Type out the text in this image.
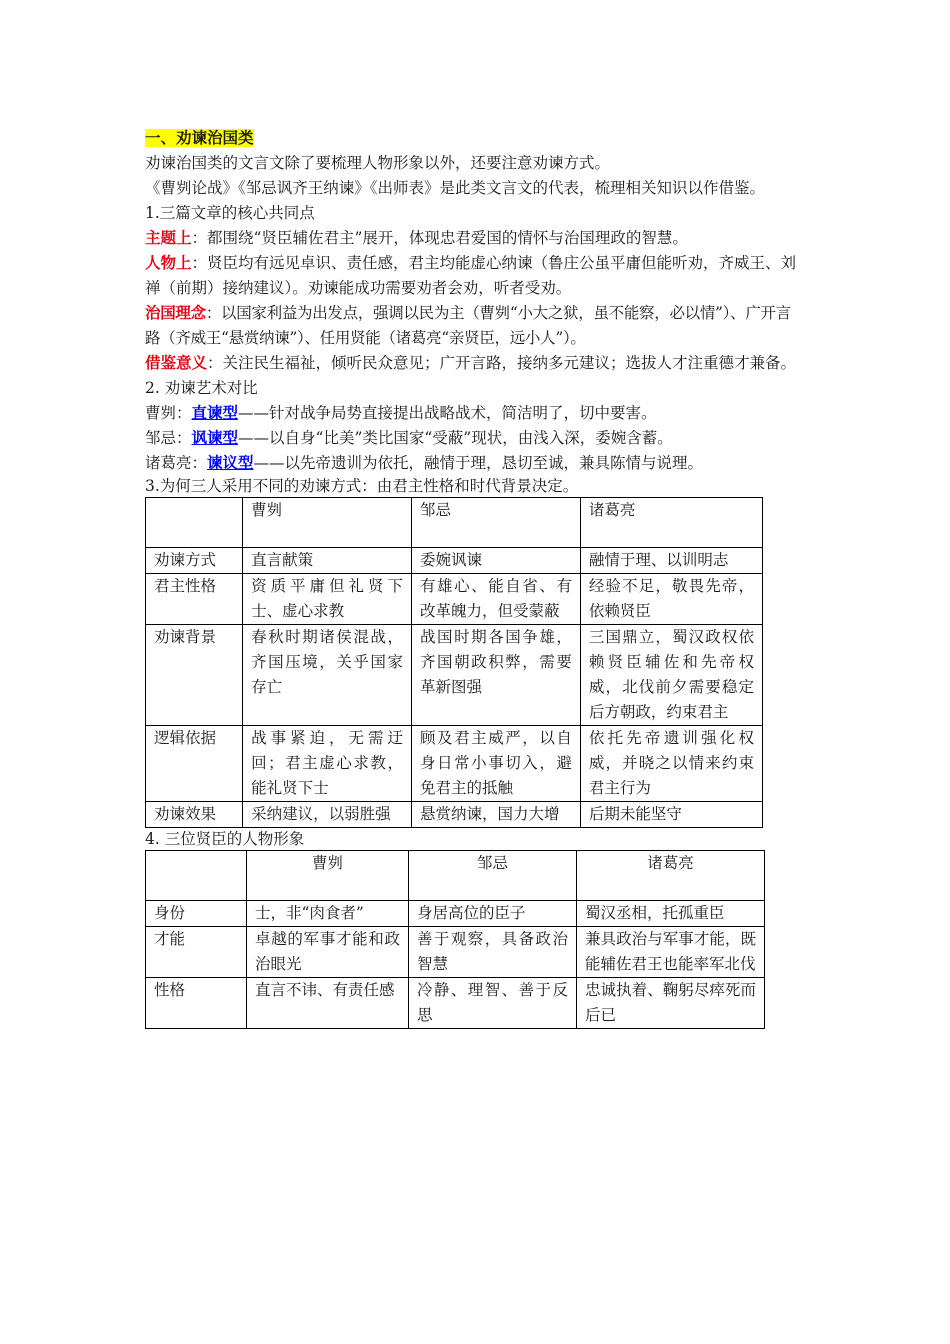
一、劝谏治国类
劝谏治国类的文言文除了要梳理人物形象以外，还要注意劝谏方式。
《曹刿论战》《邹忌讽齐王纳谏》《出师表》是此类文言文的代表，梳理相关知识以作借鉴。
1.三篇文章的核心共同点
主题上：都围绕“贤臣辅佐君主”展开，体现忠君爱国的情怀与治国理政的智慧。
人物上：贤臣均有远见卓识、责任感，君主均能虚心纳谏（鲁庄公虽平庸但能听劝，齐威王、刘禅（前期）接纳建议）。劝谏能成功需要劝者会劝，听者受劝。
治国理念：以国家利益为出发点，强调以民为主（曹刿“小大之狱，虽不能察，必以情”）、广开言路（齐威王“悬赏纳谏”）、任用贤能（诸葛亮“亲贤臣，远小人”）。
借鉴意义：关注民生福祉，倾听民众意见；广开言路，接纳多元建议；选拔人才注重德才兼备。
2. 劝谏艺术对比
曹刿：直谏型——针对战争局势直接提出战略战术，简洁明了，切中要害。
邹忌：讽谏型——以自身“比美”类比国家“受蔽”现状，由浅入深，委婉含蓄。
诸葛亮：谏议型——以先帝遗训为依托，融情于理，恳切至诚，兼具陈情与说理。
3.为何三人采用不同的劝谏方式：由君主性格和时代背景决定。
	曹刿	邹忌	诸葛亮
劝谏方式	直言献策	委婉讽谏	融情于理、以训明志
君主性格	资质平庸但礼贤下士、虚心求教	有雄心、能自省、有改革魄力，但受蒙蔽	经验不足，敬畏先帝，依赖贤臣
劝谏背景	春秋时期诸侯混战，齐国压境，关乎国家存亡	战国时期各国争雄，齐国朝政积弊，需要革新图强	三国鼎立，蜀汉政权依赖贤臣辅佐和先帝权威，北伐前夕需要稳定后方朝政，约束君主
逻辑依据	战事紧迫，无需迂回；君主虚心求教，能礼贤下士	顾及君主威严，以自身日常小事切入，避免君主的抵触	依托先帝遗训强化权威，并晓之以情来约束君主行为
劝谏效果	采纳建议，以弱胜强	悬赏纳谏，国力大增	后期未能坚守
4. 三位贤臣的人物形象
	曹刿	邹忌	诸葛亮
身份	士，非“肉食者”	身居高位的臣子	蜀汉丞相，托孤重臣
才能	卓越的军事才能和政治眼光	善于观察，具备政治智慧	兼具政治与军事才能，既能辅佐君王也能率军北伐
性格	直言不讳、有责任感	冷静、理智、善于反思	忠诚执着、鞠躬尽瘁死而后已
